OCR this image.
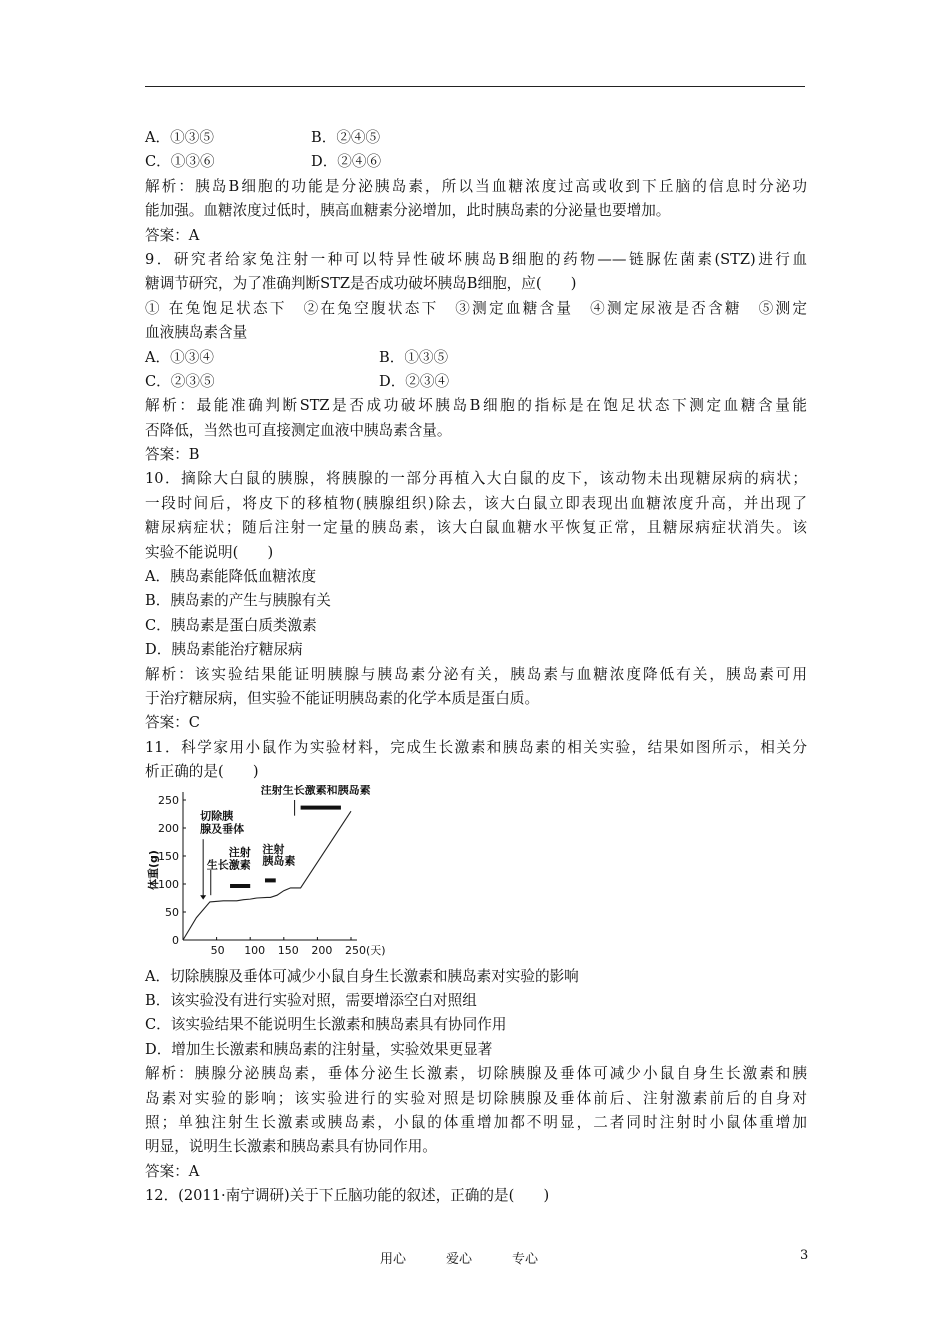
A．①③⑤	B．②④⑤
C．①③⑥	D．②④⑥
解析：胰岛B细胞的功能是分泌胰岛素，所以当血糖浓度过高或收到下丘脑的信息时分泌功
能加强。血糖浓度过低时，胰高血糖素分泌增加，此时胰岛素的分泌量也要增加。
答案：A
9．研究者给家兔注射一种可以特异性破坏胰岛B细胞的药物——链脲佐菌素(STZ)进行血
糖调节研究，为了准确判断STZ是否成功破坏胰岛B细胞，应(　　)
① 在兔饱足状态下　②在兔空腹状态下　③测定血糖含量　④测定尿液是否含糖　⑤测定
血液胰岛素含量
A．①③④	B．①③⑤
C．②③⑤	D．②③④
解析：最能准确判断STZ是否成功破坏胰岛B细胞的指标是在饱足状态下测定血糖含量能
否降低，当然也可直接测定血液中胰岛素含量。
答案：B
10．摘除大白鼠的胰腺，将胰腺的一部分再植入大白鼠的皮下，该动物未出现糖尿病的病状；
一段时间后，将皮下的移植物(胰腺组织)除去，该大白鼠立即表现出血糖浓度升高，并出现了
糖尿病症状；随后注射一定量的胰岛素，该大白鼠血糖水平恢复正常，且糖尿病症状消失。该
实验不能说明(　　)
A．胰岛素能降低血糖浓度
B．胰岛素的产生与胰腺有关
C．胰岛素是蛋白质类激素
D．胰岛素能治疗糖尿病
解析：该实验结果能证明胰腺与胰岛素分泌有关，胰岛素与血糖浓度降低有关，胰岛素可用
于治疗糖尿病，但实验不能证明胰岛素的化学本质是蛋白质。
答案：C
11．科学家用小鼠作为实验材料，完成生长激素和胰岛素的相关实验，结果如图所示，相关分
析正确的是(　　)
0
50
100
150
200
250
50 100 150 200 250(天)
体重(g)
切除胰
腺及垂体
注射
生长激素
注射
胰岛素
注射生长激素和胰岛素
A．切除胰腺及垂体可减少小鼠自身生长激素和胰岛素对实验的影响
B．该实验没有进行实验对照，需要增添空白对照组
C．该实验结果不能说明生长激素和胰岛素具有协同作用
D．增加生长激素和胰岛素的注射量，实验效果更显著
解析：胰腺分泌胰岛素，垂体分泌生长激素，切除胰腺及垂体可减少小鼠自身生长激素和胰
岛素对实验的影响；该实验进行的实验对照是切除胰腺及垂体前后、注射激素前后的自身对
照；单独注射生长激素或胰岛素，小鼠的体重增加都不明显，二者同时注射时小鼠体重增加
明显，说明生长激素和胰岛素具有协同作用。
答案：A
12．(2011·南宁调研)关于下丘脑功能的叙述，正确的是(　　)
用心	爱心	专心	3
